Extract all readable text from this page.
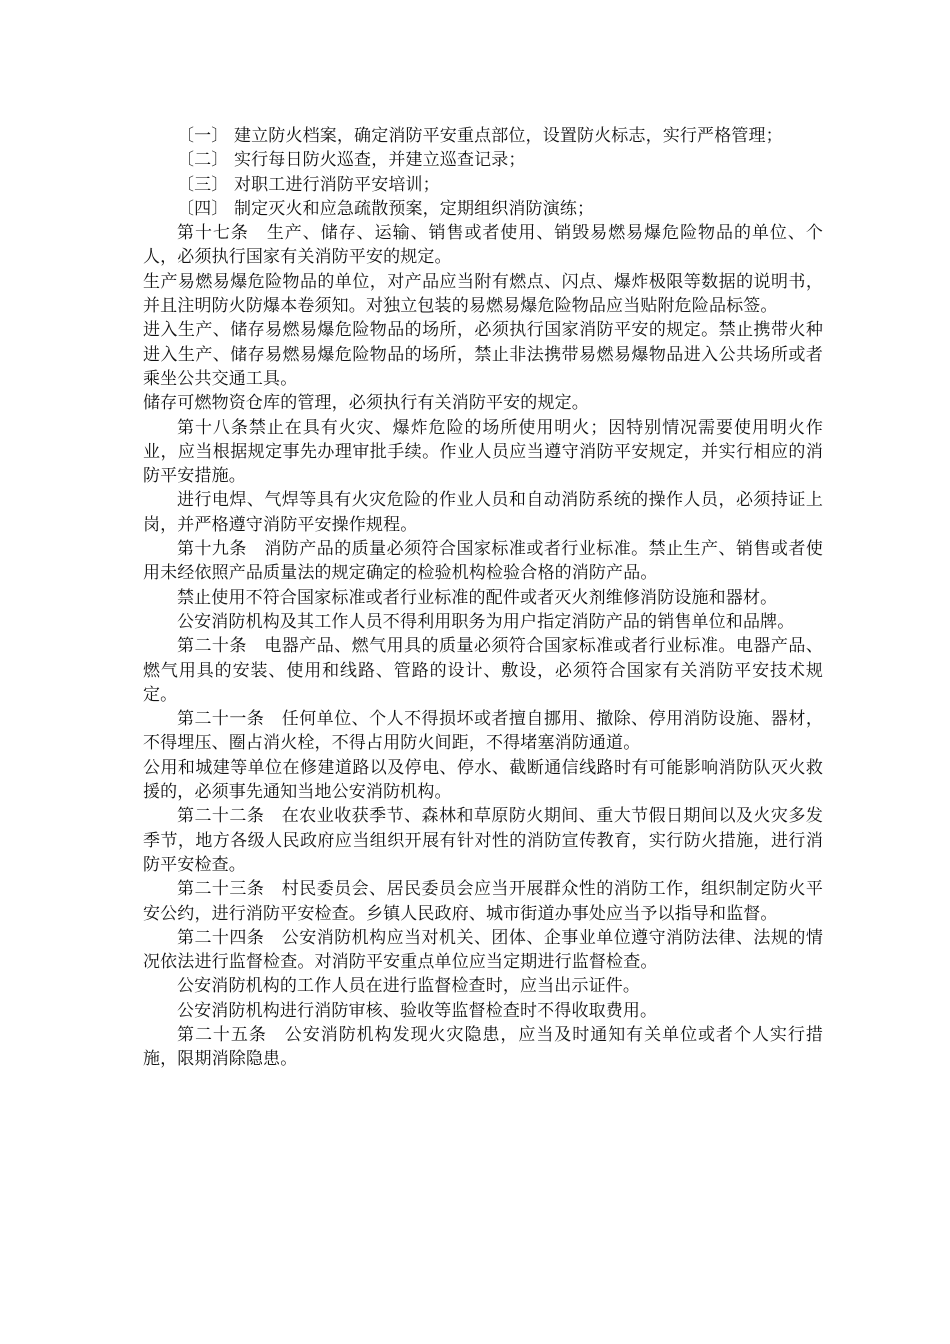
〔一〕 建立防火档案，确定消防平安重点部位，设置防火标志，实行严格管理；

〔二〕 实行每日防火巡查，并建立巡查记录；

〔三〕 对职工进行消防平安培训；

〔四〕 制定灭火和应急疏散预案，定期组织消防演练；

第十七条　生产、储存、运输、销售或者使用、销毁易燃易爆危险物品的单位、个人，必须执行国家有关消防平安的规定。

生产易燃易爆危险物品的单位，对产品应当附有燃点、闪点、爆炸极限等数据的说明书，并且注明防火防爆本卷须知。对独立包装的易燃易爆危险物品应当贴附危险品标签。

进入生产、储存易燃易爆危险物品的场所，必须执行国家消防平安的规定。禁止携带火种进入生产、储存易燃易爆危险物品的场所，禁止非法携带易燃易爆物品进入公共场所或者乘坐公共交通工具。

储存可燃物资仓库的管理，必须执行有关消防平安的规定。

第十八条禁止在具有火灾、爆炸危险的场所使用明火；因特别情况需要使用明火作业，应当根据规定事先办理审批手续。作业人员应当遵守消防平安规定，并实行相应的消防平安措施。

进行电焊、气焊等具有火灾危险的作业人员和自动消防系统的操作人员，必须持证上岗，并严格遵守消防平安操作规程。

第十九条　消防产品的质量必须符合国家标准或者行业标准。禁止生产、销售或者使用未经依照产品质量法的规定确定的检验机构检验合格的消防产品。

禁止使用不符合国家标准或者行业标准的配件或者灭火剂维修消防设施和器材。

公安消防机构及其工作人员不得利用职务为用户指定消防产品的销售单位和品牌。

第二十条　电器产品、燃气用具的质量必须符合国家标准或者行业标准。电器产品、燃气用具的安装、使用和线路、管路的设计、敷设，必须符合国家有关消防平安技术规定。

第二十一条　任何单位、个人不得损坏或者擅自挪用、撤除、停用消防设施、器材，不得埋压、圈占消火栓，不得占用防火间距，不得堵塞消防通道。

公用和城建等单位在修建道路以及停电、停水、截断通信线路时有可能影响消防队灭火救援的，必须事先通知当地公安消防机构。

第二十二条　在农业收获季节、森林和草原防火期间、重大节假日期间以及火灾多发季节，地方各级人民政府应当组织开展有针对性的消防宣传教育，实行防火措施，进行消防平安检查。

第二十三条　村民委员会、居民委员会应当开展群众性的消防工作，组织制定防火平安公约，进行消防平安检查。乡镇人民政府、城市街道办事处应当予以指导和监督。

第二十四条　公安消防机构应当对机关、团体、企事业单位遵守消防法律、法规的情况依法进行监督检查。对消防平安重点单位应当定期进行监督检查。

公安消防机构的工作人员在进行监督检查时，应当出示证件。

公安消防机构进行消防审核、验收等监督检查时不得收取费用。

第二十五条　公安消防机构发现火灾隐患，应当及时通知有关单位或者个人实行措施，限期消除隐患。
